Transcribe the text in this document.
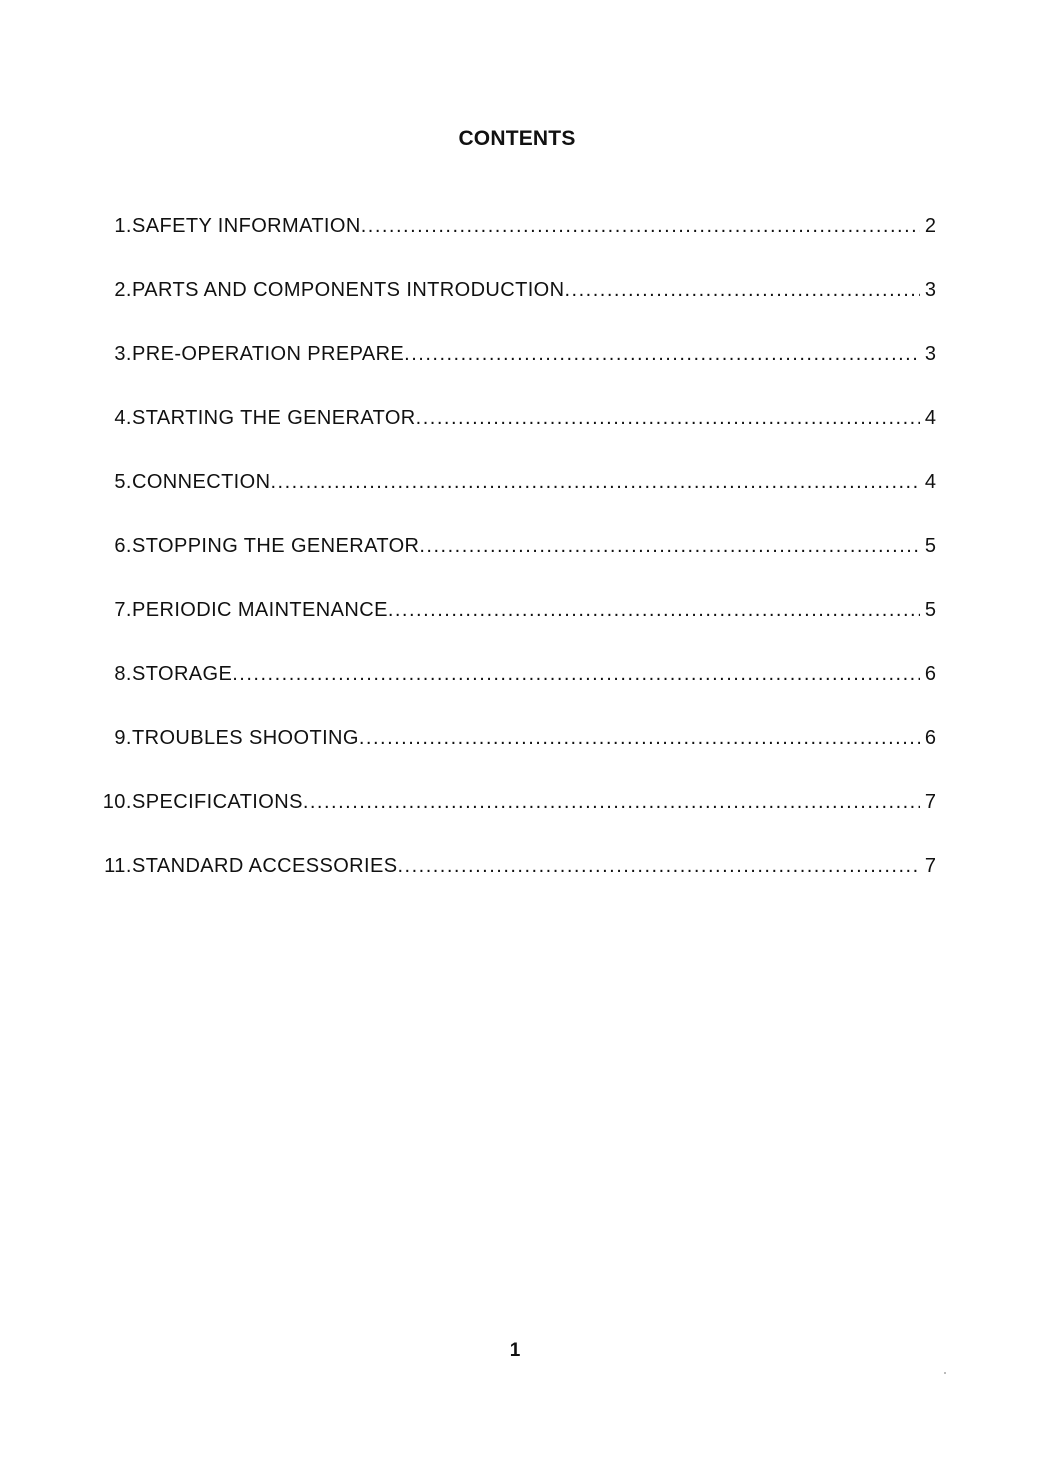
CONTENTS
1. SAFETY INFORMATION .....	2
2. PARTS AND COMPONENTS INTRODUCTION .....	3
3. PRE-OPERATION PREPARE .....	3
4. STARTING THE GENERATOR .....	4
5. CONNECTION .....	4
6. STOPPING THE GENERATOR .....	5
7. PERIODIC MAINTENANCE .....	5
8. STORAGE .....	6
9. TROUBLES SHOOTING .....	6
10. SPECIFICATIONS .....	7
11. STANDARD ACCESSORIES .....	7
1
